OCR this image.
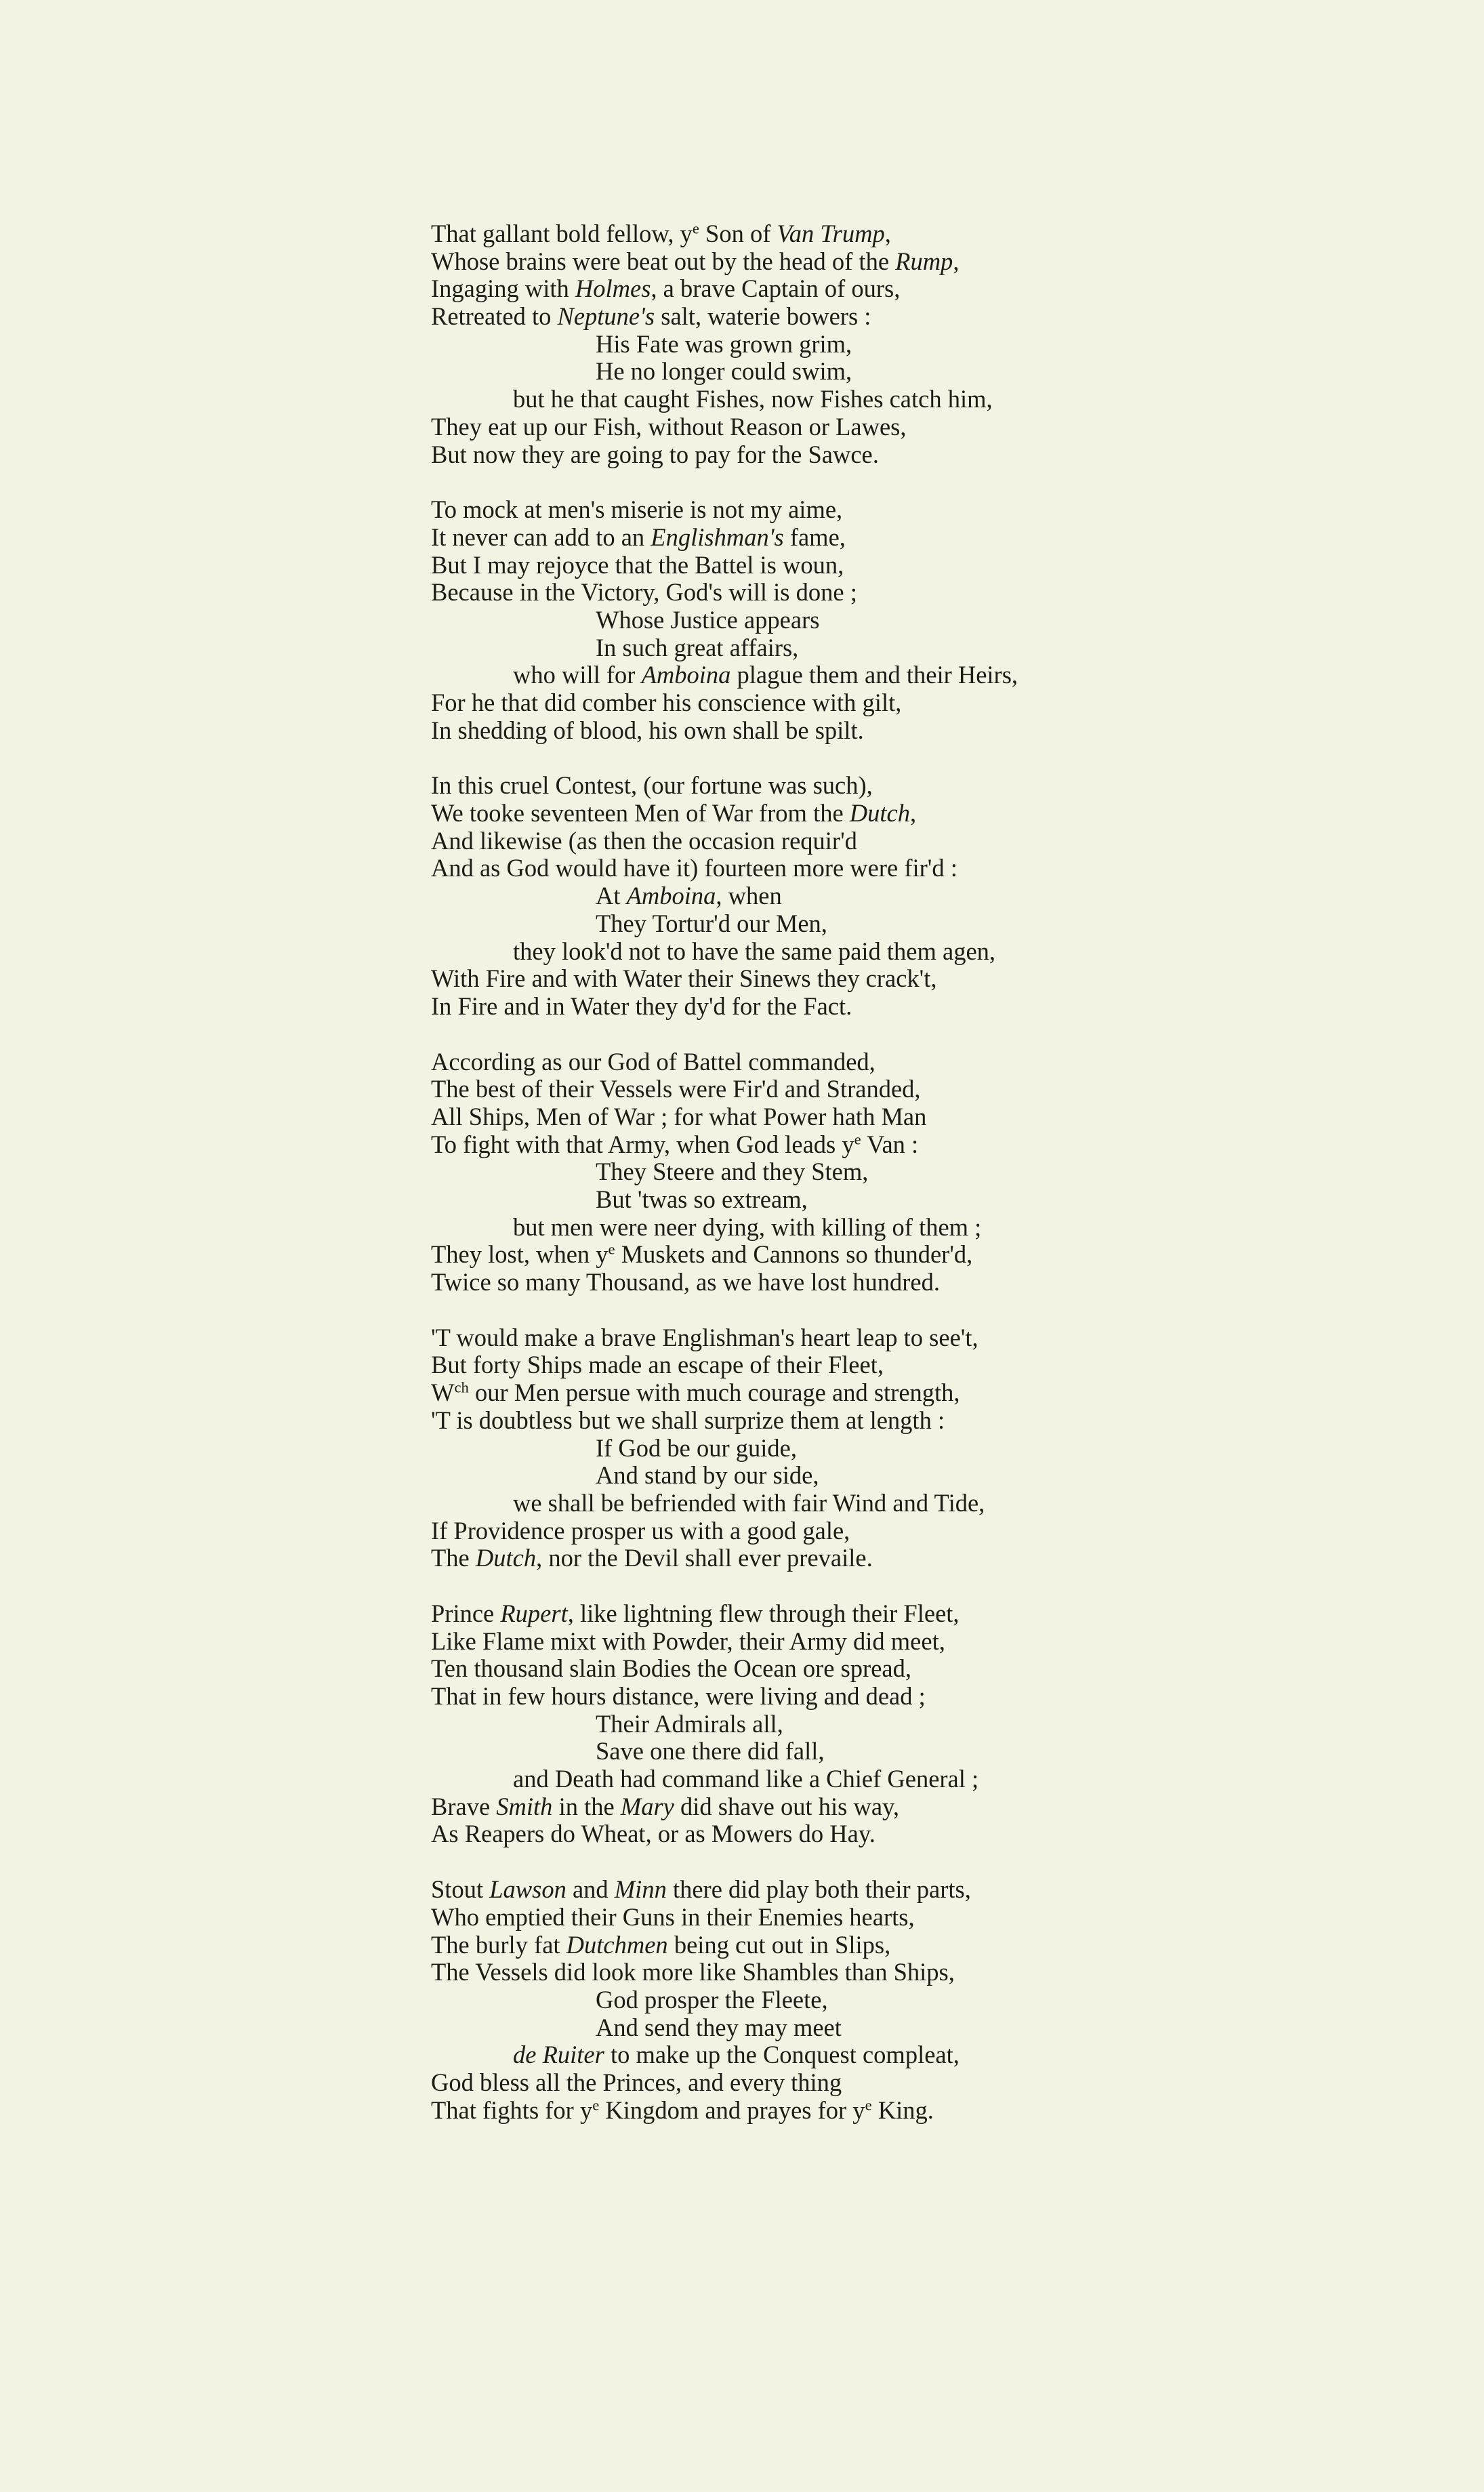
That gallant bold fellow, $y^e$ Son of Van Trump,
Whose brains were beat out by the head of the Rump,
Ingaging with Holmes, a brave Captain of ours,
Retreated to Neptune's salt, waterie bowers :
His Fate was grown grim,
He no longer could swim,
but he that caught Fishes, now Fishes catch him,
They eat up our Fish, without Reason or Lawes,
But now they are going to pay for the Sawce.
To mock at men's miserie is not my aime,
It never can add to an Englishman's fame,
But I may rejoyce that the Battel is woun,
Because in the Victory, God's will is done ;
Whose Justice appears
In such great affairs,
who will for Amboina plague them and their Heirs,
For he that did comber his conscience with gilt,
In shedding of blood, his own shall be spilt.
In this cruel Contest, (our fortune was such),
We tooke seventeen Men of War from the Dutch,
And likewise (as then the occasion requir'd
And as God would have it) fourteen more were fir'd :
At Amboina, when
They Tortur'd our Men,
they look'd not to have the same paid them agen,
With Fire and with Water their Sinews they crack't,
In Fire and in Water they dy'd for the Fact.
According as our God of Battel commanded,
The best of their Vessels were Fir'd and Stranded,
All Ships, Men of War ; for what Power hath Man
To fight with that Army, when God leads $y^e$ Van :
They Steere and they Stem,
But 'twas so extream,
but men were neer dying, with killing of them ;
They lost, when $y^e$ Muskets and Cannons so thunder'd,
Twice so many Thousand, as we have lost hundred.
'T would make a brave Englishman's heart leap to see't,
But forty Ships made an escape of their Fleet,
$W^{ch}$ our Men persue with much courage and strength,
'T is doubtless but we shall surprize them at length :
If God be our guide,
And stand by our side,
we shall be befriended with fair Wind and Tide,
If Providence prosper us with a good gale,
The Dutch, nor the Devil shall ever prevaile.
Prince Rupert, like lightning flew through their Fleet,
Like Flame mixt with Powder, their Army did meet,
Ten thousand slain Bodies the Ocean ore spread,
That in few hours distance, were living and dead ;
Their Admirals all,
Save one there did fall,
and Death had command like a Chief General ;
Brave Smith in the Mary did shave out his way,
As Reapers do Wheat, or as Mowers do Hay.
Stout Lawson and Minn there did play both their parts,
Who emptied their Guns in their Enemies hearts,
The burly fat Dutchmen being cut out in Slips,
The Vessels did look more like Shambles than Ships,
God prosper the Fleete,
And send they may meet
de Ruiter to make up the Conquest compleat,
God bless all the Princes, and every thing
That fights for $y^e$ Kingdom and prayes for $y^e$ King.
